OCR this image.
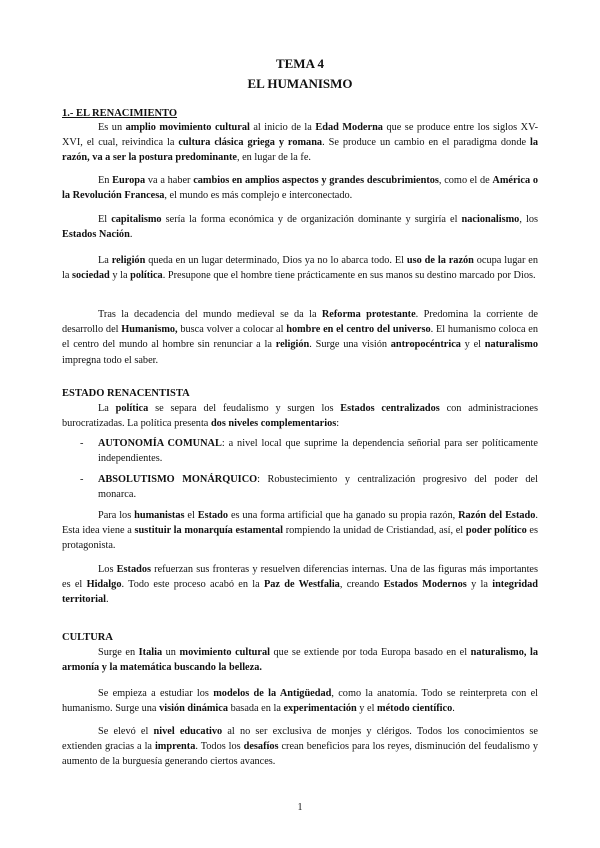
TEMA 4
EL HUMANISMO
1.- EL RENACIMIENTO

Es un amplio movimiento cultural al inicio de la Edad Moderna que se produce entre los siglos XV- XVI, el cual, reivindica la cultura clásica griega y romana. Se produce un cambio en el paradigma donde la razón, va a ser la postura predominante, en lugar de la fe.

En Europa va a haber cambios en amplios aspectos y grandes descubrimientos, como el de América o la Revolución Francesa, el mundo es más complejo e interconectado.

El capitalismo sería la forma económica y de organización dominante y surgiría el nacionalismo, los Estados Nación.

La religión queda en un lugar determinado, Dios ya no lo abarca todo. El uso de la razón ocupa lugar en la sociedad y la política. Presupone que el hombre tiene prácticamente en sus manos su destino marcado por Dios.

Tras la decadencia del mundo medieval se da la Reforma protestante. Predomina la corriente de desarrollo del Humanismo, busca volver a colocar al hombre en el centro del universo. El humanismo coloca en el centro del mundo al hombre sin renunciar a la religión. Surge una visión antropocéntrica y el naturalismo impregna todo el saber.

ESTADO RENACENTISTA

La política se separa del feudalismo y surgen los Estados centralizados con administraciones burocratizadas. La política presenta dos niveles complementarios:

- AUTONOMÍA COMUNAL: a nivel local que suprime la dependencia señorial para ser políticamente independientes.
- ABSOLUTISMO MONÁRQUICO: Robustecimiento y centralización progresivo del poder del monarca.

Para los humanistas el Estado es una forma artificial que ha ganado su propia razón, Razón del Estado. Esta idea viene a sustituir la monarquía estamental rompiendo la unidad de Cristiandad, así, el poder político es protagonista.

Los Estados refuerzan sus fronteras y resuelven diferencias internas. Una de las figuras más importantes es el Hidalgo. Todo este proceso acabó en la Paz de Westfalia, creando Estados Modernos y la integridad territorial.

CULTURA

Surge en Italia un movimiento cultural que se extiende por toda Europa basado en el naturalismo, la armonía y la matemática buscando la belleza.

Se empieza a estudiar los modelos de la Antigüedad, como la anatomía. Todo se reinterpreta con el humanismo. Surge una visión dinámica basada en la experimentación y el método científico.

Se elevó el nivel educativo al no ser exclusiva de monjes y clérigos. Todos los conocimientos se extienden gracias a la imprenta. Todos los desafíos crean beneficios para los reyes, disminución del feudalismo y aumento de la burguesía generando ciertos avances.

1
